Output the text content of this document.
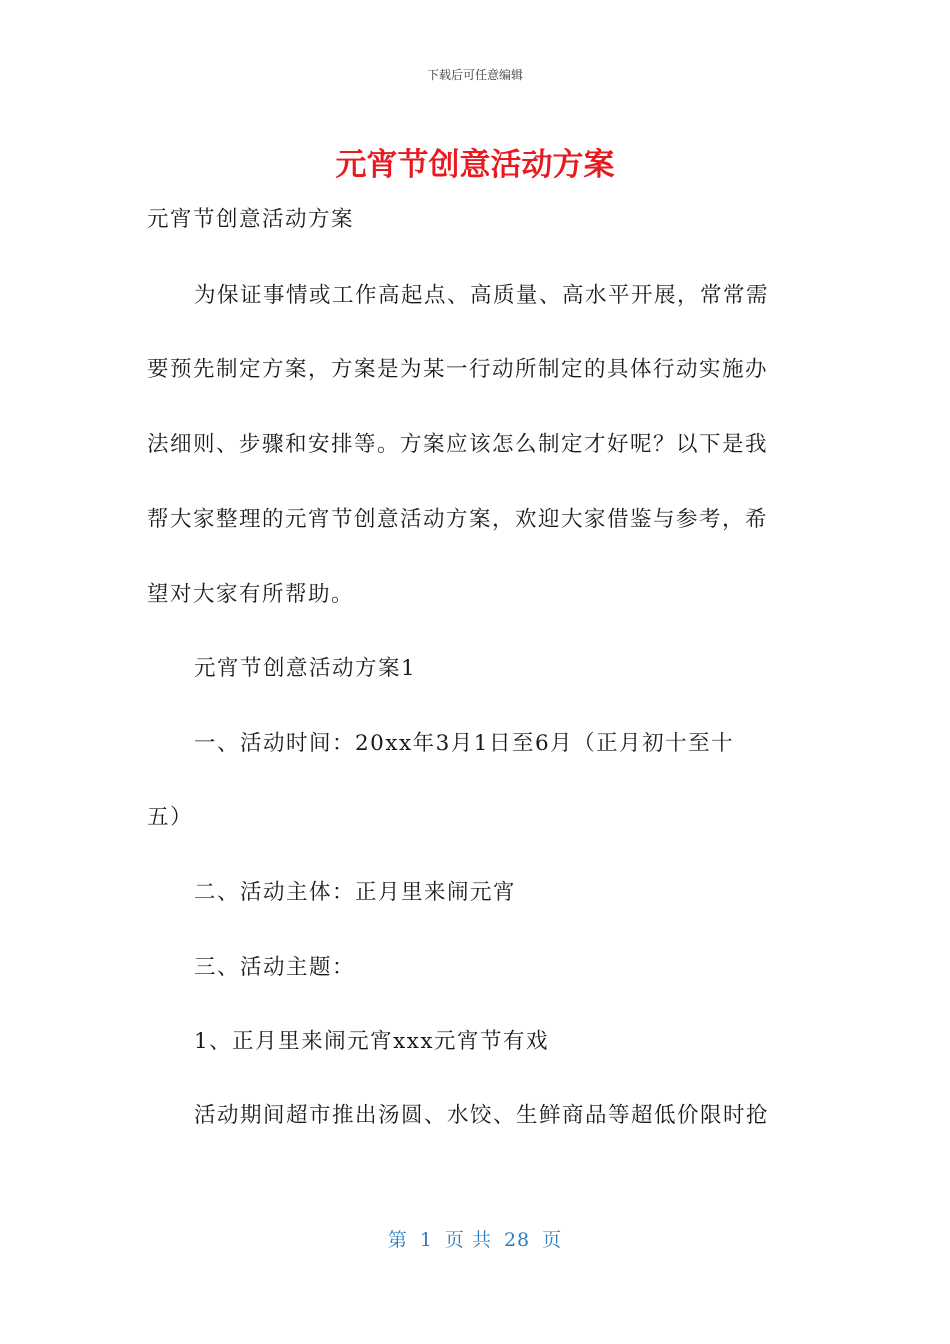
下载后可任意编辑
元宵节创意活动方案
元宵节创意活动方案
为保证事情或工作高起点、高质量、高水平开展，常常需
要预先制定方案，方案是为某一行动所制定的具体行动实施办
法细则、步骤和安排等。方案应该怎么制定才好呢？以下是我
帮大家整理的元宵节创意活动方案，欢迎大家借鉴与参考，希
望对大家有所帮助。
元宵节创意活动方案1
一、活动时间：20xx年3月1日至6月（正月初十至十
五）
二、活动主体：正月里来闹元宵
三、活动主题：
1、正月里来闹元宵xxx元宵节有戏
活动期间超市推出汤圆、水饺、生鲜商品等超低价限时抢
第 1 页 共 28 页
